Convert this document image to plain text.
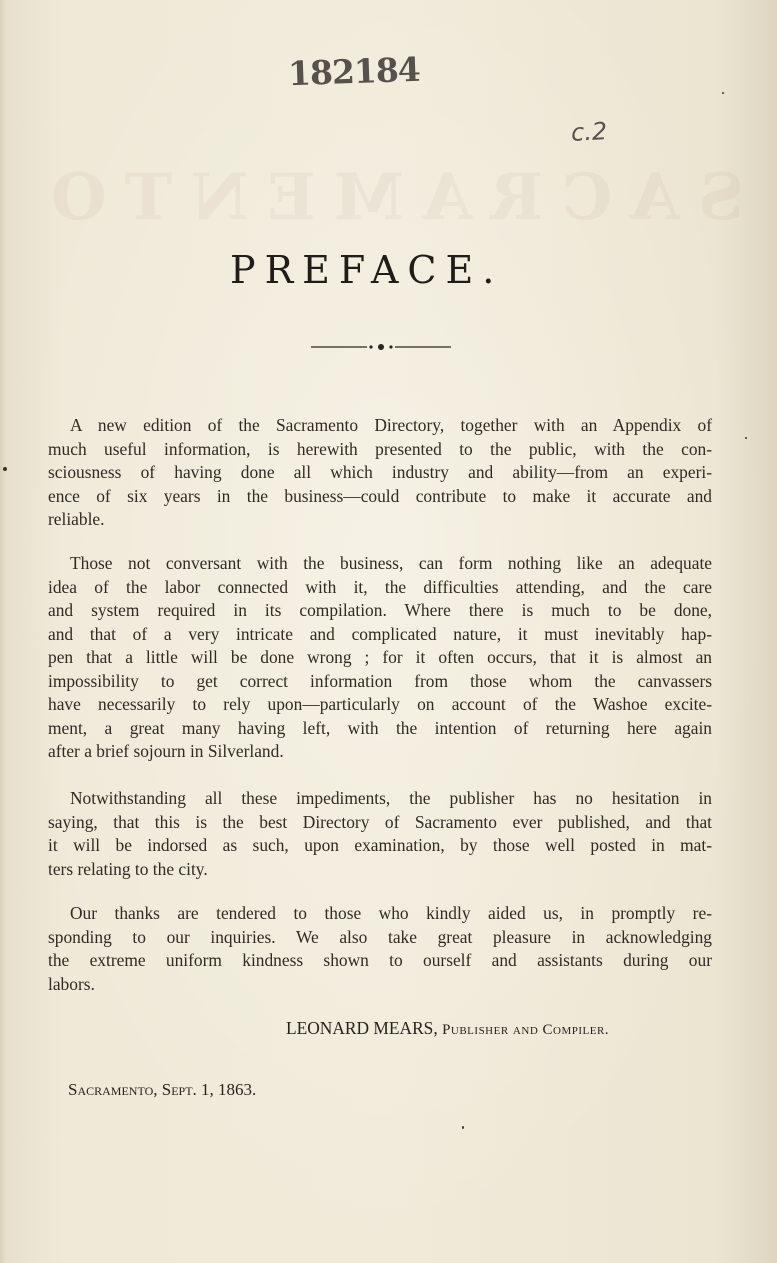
SACRAMENTO
182184
c.2
PREFACE.
A new edition of the Sacramento Directory, together with an Appendix of
much useful information, is herewith presented to the public, with the con-
sciousness of having done all which industry and ability—from an experi-
ence of six years in the business—could contribute to make it accurate and
reliable.
Those not conversant with the business, can form nothing like an adequate
idea of the labor connected with it, the difficulties attending, and the care
and system required in its compilation. Where there is much to be done,
and that of a very intricate and complicated nature, it must inevitably hap-
pen that a little will be done wrong ; for it often occurs, that it is almost an
impossibility to get correct information from those whom the canvassers
have necessarily to rely upon—particularly on account of the Washoe excite-
ment, a great many having left, with the intention of returning here again
after a brief sojourn in Silverland.
Notwithstanding all these impediments, the publisher has no hesitation in
saying, that this is the best Directory of Sacramento ever published, and that
it will be indorsed as such, upon examination, by those well posted in mat-
ters relating to the city.
Our thanks are tendered to those who kindly aided us, in promptly re-
sponding to our inquiries. We also take great pleasure in acknowledging
the extreme uniform kindness shown to ourself and assistants during our
labors.
LEONARD MEARS, Publisher and Compiler.
Sacramento, Sept. 1, 1863.
